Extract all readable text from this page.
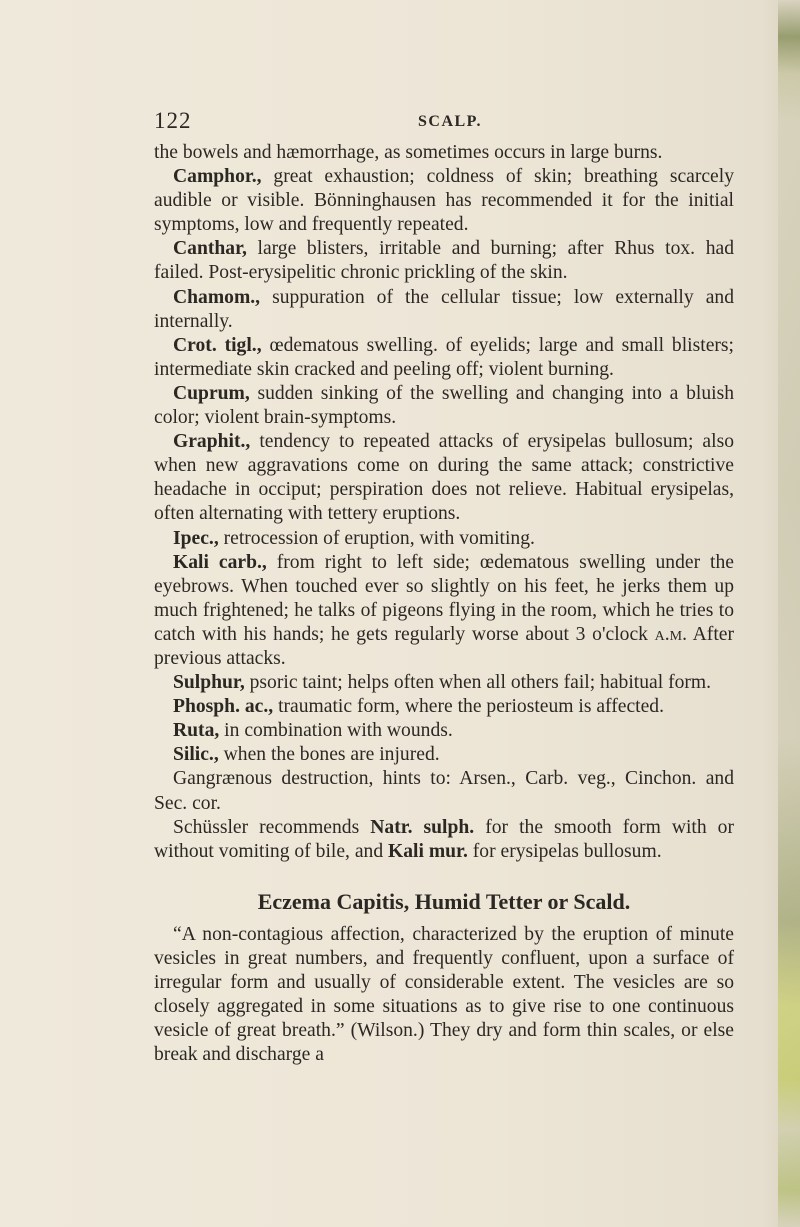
122	SCALP.

the bowels and hæmorrhage, as sometimes occurs in large burns.

Camphor., great exhaustion; coldness of skin; breathing scarcely audible or visible. Bönninghausen has recommended it for the initial symptoms, low and frequently repeated.

Canthar, large blisters, irritable and burning; after Rhus tox. had failed. Post-erysipelitic chronic prickling of the skin.

Chamom., suppuration of the cellular tissue; low externally and internally.

Crot. tigl., œdematous swelling. of eyelids; large and small blisters; intermediate skin cracked and peeling off; violent burning.

Cuprum, sudden sinking of the swelling and changing into a bluish color; violent brain-symptoms.

Graphit., tendency to repeated attacks of erysipelas bullosum; also when new aggravations come on during the same attack; constrictive headache in occiput; perspiration does not relieve. Habitual erysipelas, often alternating with tettery eruptions.

Ipec., retrocession of eruption, with vomiting.

Kali carb., from right to left side; œdematous swelling under the eyebrows. When touched ever so slightly on his feet, he jerks them up much frightened; he talks of pigeons flying in the room, which he tries to catch with his hands; he gets regularly worse about 3 o'clock a.m. After previous attacks.

Sulphur, psoric taint; helps often when all others fail; habitual form.

Phosph. ac., traumatic form, where the periosteum is affected.

Ruta, in combination with wounds.

Silic., when the bones are injured.

Gangrænous destruction, hints to: Arsen., Carb. veg., Cinchon. and Sec. cor.

Schüssler recommends Natr. sulph. for the smooth form with or without vomiting of bile, and Kali mur. for erysipelas bullosum.

Eczema Capitis, Humid Tetter or Scald.

“A non-contagious affection, characterized by the eruption of minute vesicles in great numbers, and frequently confluent, upon a surface of irregular form and usually of considerable extent. The vesicles are so closely aggregated in some situations as to give rise to one continuous vesicle of great breath.” (Wilson.) They dry and form thin scales, or else break and discharge a
